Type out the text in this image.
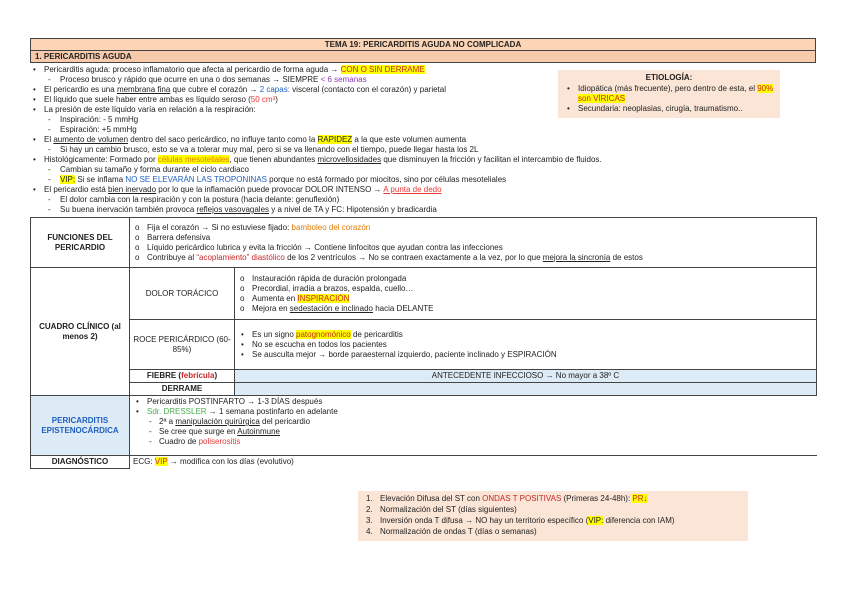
TEMA 19: PERICARDITIS AGUDA NO COMPLICADA
1. PERICARDITIS AGUDA
• Pericarditis aguda: proceso inflamatorio que afecta al pericardio de forma aguda → CON O SIN DERRAME
- Proceso brusco y rápido que ocurre en una o dos semanas → SIEMPRE < 6 semanas
• El pericardio es una membrana fina que cubre el corazón → 2 capas: visceral (contacto con el corazón) y parietal
• El líquido que suele haber entre ambas es líquido seroso (50 cm³)
• La presión de este líquido varía en relación a la respiración:
- Inspiración: - 5 mmHg
- Espiración: +5 mmHg
• El aumento de volumen dentro del saco pericárdico, no influye tanto como la RAPIDEZ a la que este volumen aumenta
- Si hay un cambio brusco, esto se va a tolerar muy mal, pero si se va llenando con el tiempo, puede llegar hasta los 2L
• Histológicamente: Formado por células mesoteliales, que tienen abundantes microvellosidades que disminuyen la fricción y facilitan el intercambio de fluidos.
- Cambian su tamaño y forma durante el ciclo cardiaco
- VIP: Si se inflama NO SE ELEVARÁN LAS TROPONINAS porque no está formado por miocitos, sino por células mesoteliales
• El pericardio está bien inervado por lo que la inflamación puede provocar DOLOR INTENSO → A punta de dedo
- El dolor cambia con la respiración y con la postura (hacia delante: genuflexión)
- Su buena inervación también provoca reflejos vasovagales y a nivel de TA y FC: Hipotensión y bradicardia
FUNCIONES DEL PERICARDIO	o Fija el corazón → Si no estuviese fijado: bamboleo del corazón
o Barrera defensiva
o Líquido pericárdico lubrica y evita la fricción → Contiene linfocitos que ayudan contra las infecciones
o Contribuye al “acoplamiento” diastólico de los 2 ventrículos → No se contraen exactamente a la vez, por lo que mejora la sincronía de estos

CUADRO CLÍNICO (al menos 2)	DOLOR TORÁCICO	o Instauración rápida de duración prolongada
o Precordial, irradia a brazos, espalda, cuello…
o Aumenta en INSPIRACIÓN
o Mejora en sedestación e inclinado hacia DELANTE

	ROCE PERICÁRDICO (60-85%)	• Es un signo patognomónico de pericarditis
• No se escucha en todos los pacientes
• Se ausculta mejor → borde paraesternal izquierdo, paciente inclinado y ESPIRACIÓN

	FIEBRE (febrícula)	ANTECEDENTE INFECCIOSO → No mayor a 38º C
	DERRAME	
PERICARDITIS EPISTENOCÁRDICA	• Pericarditis POSTINFARTO → 1-3 DÍAS después
• Sdr. DRESSLER → 1 semana postinfarto en adelante
- 2ª a manipulación quirúrgica del pericardio
- Se cree que surge en Autoinmune
- Cuadro de poliserositis

DIAGNÓSTICO	ECG: VIP → modifica con los días (evolutivo)	
ETIOLOGÍA:
• Idiopática (más frecuente), pero dentro de esta, el 90% son VÍRICAS
• Secundaria: neoplasias, cirugía, traumatismo..
1. Elevación Difusa del ST con ONDAS T POSITIVAS (Primeras 24-48h): PR↓
2. Normalización del ST (días siguientes)
3. Inversión onda T difusa → NO hay un territorio específico (VIP: diferencia con IAM)
4. Normalización de ondas T (días o semanas)
